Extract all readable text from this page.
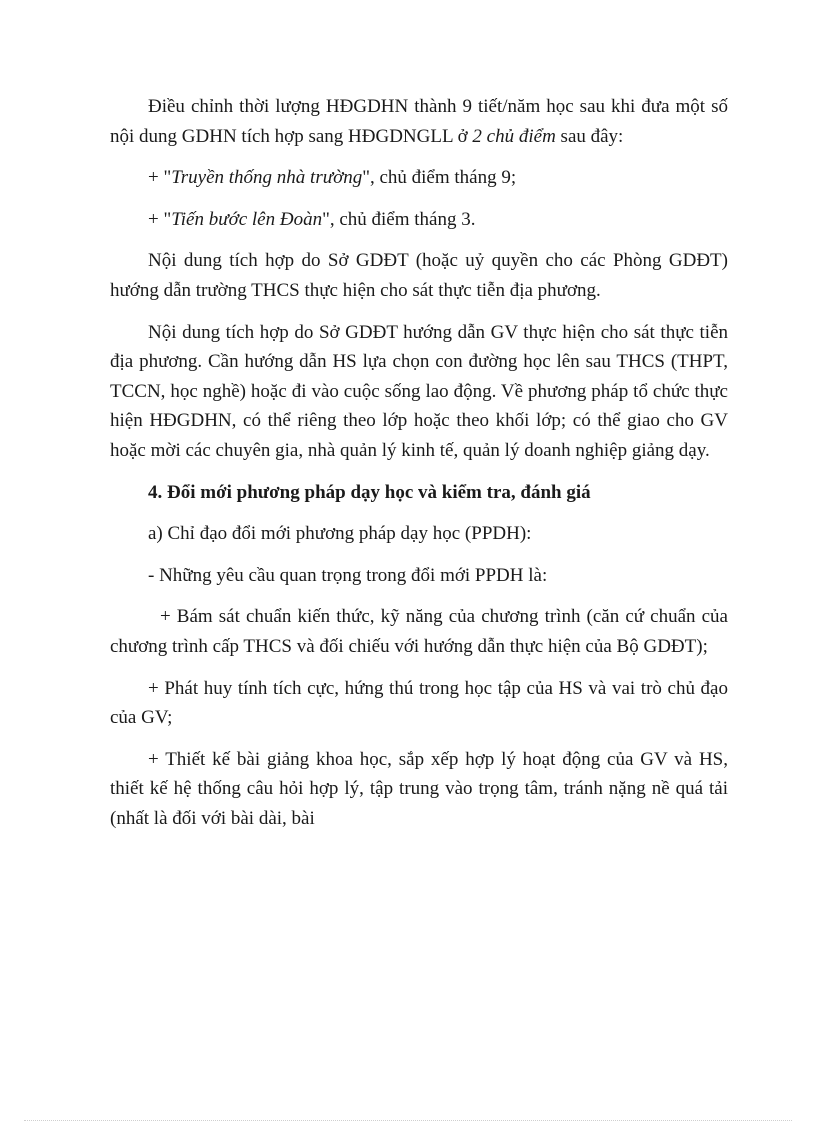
Điều chỉnh thời lượng HĐGDHN thành 9 tiết/năm học sau khi đưa một số nội dung GDHN tích hợp sang HĐGDNGLL ở 2 chủ điểm sau đây:

+ "Truyền thống nhà trường", chủ điểm tháng 9;

+ "Tiến bước lên Đoàn", chủ điểm tháng 3.

Nội dung tích hợp do Sở GDĐT (hoặc uỷ quyền cho các Phòng GDĐT) hướng dẫn trường THCS thực hiện cho sát thực tiễn địa phương.

Nội dung tích hợp do Sở GDĐT hướng dẫn GV thực hiện cho sát thực tiễn địa phương. Cần hướng dẫn HS lựa chọn con đường học lên sau THCS (THPT, TCCN, học nghề) hoặc đi vào cuộc sống lao động. Về phương pháp tổ chức thực hiện HĐGDHN, có thể riêng theo lớp hoặc theo khối lớp; có thể giao cho GV hoặc mời các chuyên gia, nhà quản lý kinh tế, quản lý doanh nghiệp giảng dạy.

4. Đổi mới phương pháp dạy học và kiểm tra, đánh giá

a) Chỉ đạo đổi mới phương pháp dạy học (PPDH):

- Những yêu cầu quan trọng trong đổi mới PPDH là:

+ Bám sát chuẩn kiến thức, kỹ năng của chương trình (căn cứ chuẩn của chương trình cấp THCS và đối chiếu với hướng dẫn thực hiện của Bộ GDĐT);

+ Phát huy tính tích cực, hứng thú trong học tập của HS và vai trò chủ đạo của GV;

+ Thiết kế bài giảng khoa học, sắp xếp hợp lý hoạt động của GV và HS, thiết kế hệ thống câu hỏi hợp lý, tập trung vào trọng tâm, tránh nặng nề quá tải (nhất là đối với bài dài, bài
